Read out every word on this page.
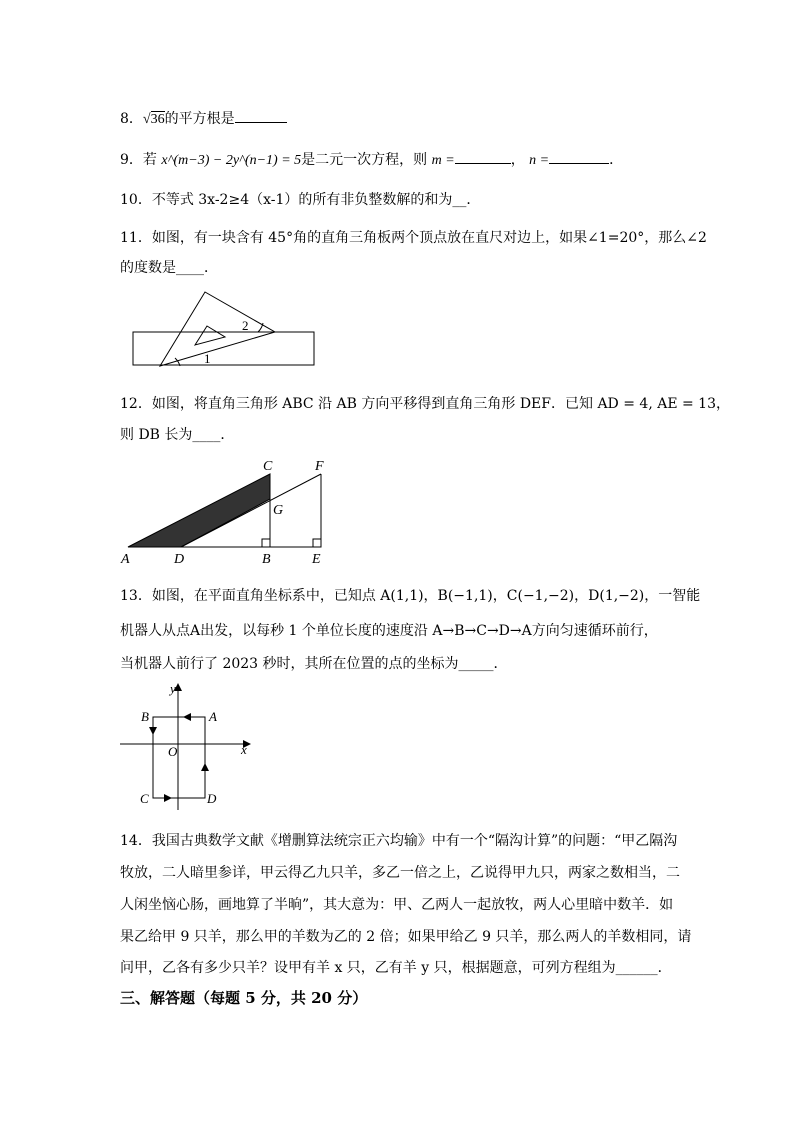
8．√36的平方根是
9．若 x^(m−3) − 2y^(n−1) = 5是二元一次方程，则 m =	， n =	．
10．不等式 3x-2≥4（x-1）的所有非负整数解的和为__．
11．如图，有一块含有 45°角的直角三角板两个顶点放在直尺对边上，如果∠1=20°，那么∠2
的度数是____．
2
1
12．如图，将直角三角形 ABC 沿 AB 方向平移得到直角三角形 DEF．已知 AD = 4, AE = 13，
则 DB 长为____．
A	D	B	E
C	F
G
13．如图，在平面直角坐标系中，已知点 A(1,1)，B(−1,1)，C(−1,−2)，D(1,−2)，一智能
机器人从点A出发，以每秒 1 个单位长度的速度沿 A→B→C→D→A方向匀速循环前行，
当机器人前行了 2023 秒时，其所在位置的点的坐标为_____．
y
x
O
A
B
C	D
14．我国古典数学文献《增删算法统宗正六均输》中有一个“隔沟计算”的问题：“甲乙隔沟
牧放，二人暗里参详，甲云得乙九只羊，多乙一倍之上，乙说得甲九只，两家之数相当，二
人闲坐恼心肠，画地算了半晌”，其大意为：甲、乙两人一起放牧，两人心里暗中数羊．如
果乙给甲 9 只羊，那么甲的羊数为乙的 2 倍；如果甲给乙 9 只羊，那么两人的羊数相同，请
问甲，乙各有多少只羊？设甲有羊 x 只，乙有羊 y 只，根据题意，可列方程组为______．
三、解答题（每题 5 分，共 20 分）
